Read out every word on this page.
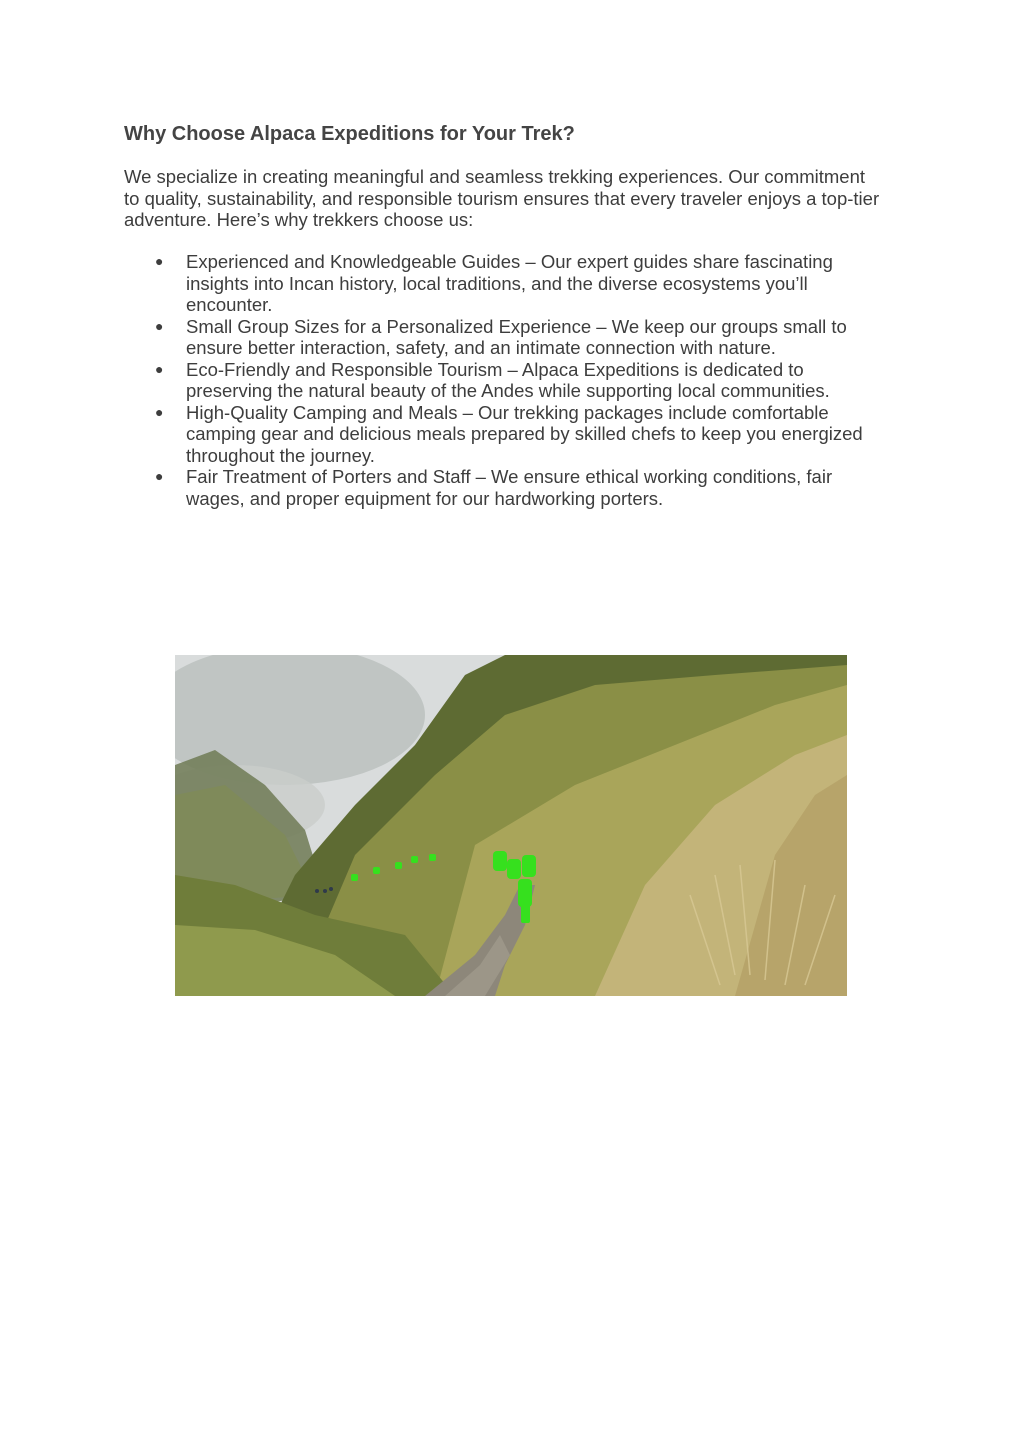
Why Choose Alpaca Expeditions for Your Trek?

We specialize in creating meaningful and seamless trekking experiences. Our commitment to quality, sustainability, and responsible tourism ensures that every traveler enjoys a top-tier adventure. Here’s why trekkers choose us:

● Experienced and Knowledgeable Guides – Our expert guides share fascinating insights into Incan history, local traditions, and the diverse ecosystems you’ll encounter.
● Small Group Sizes for a Personalized Experience – We keep our groups small to ensure better interaction, safety, and an intimate connection with nature.
● Eco-Friendly and Responsible Tourism – Alpaca Expeditions is dedicated to preserving the natural beauty of the Andes while supporting local communities.
● High-Quality Camping and Meals – Our trekking packages include comfortable camping gear and delicious meals prepared by skilled chefs to keep you energized throughout the journey.
● Fair Treatment of Porters and Staff – We ensure ethical working conditions, fair wages, and proper equipment for our hardworking porters.
